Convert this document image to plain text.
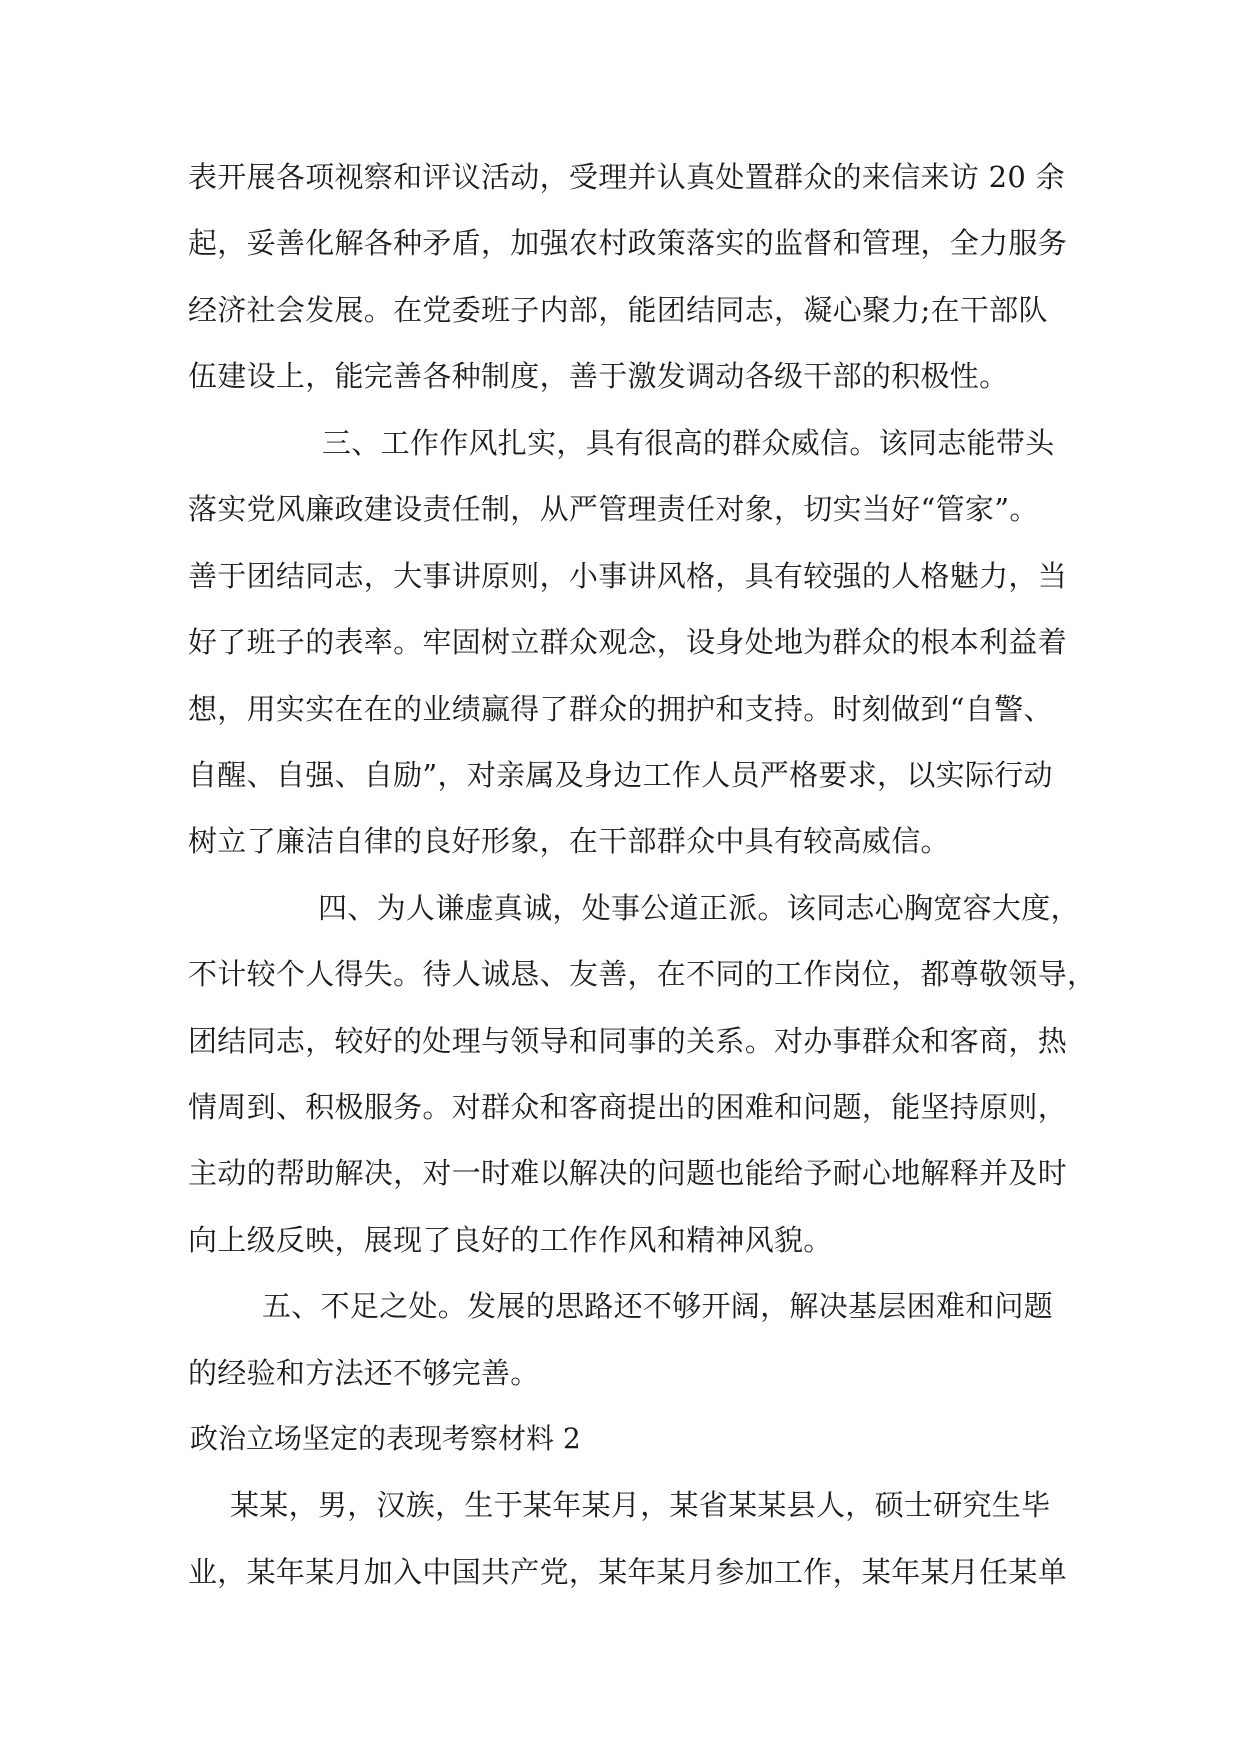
表开展各项视察和评议活动，受理并认真处置群众的来信来访 20 余
起，妥善化解各种矛盾，加强农村政策落实的监督和管理，全力服务
经济社会发展。在党委班子内部，能团结同志，凝心聚力;在干部队
伍建设上，能完善各种制度，善于激发调动各级干部的积极性。
三、工作作风扎实，具有很高的群众威信。该同志能带头
落实党风廉政建设责任制，从严管理责任对象，切实当好“管家”。
善于团结同志，大事讲原则，小事讲风格，具有较强的人格魅力，当
好了班子的表率。牢固树立群众观念，设身处地为群众的根本利益着
想，用实实在在的业绩赢得了群众的拥护和支持。时刻做到“自警、
自醒、自强、自励”，对亲属及身边工作人员严格要求，以实际行动
树立了廉洁自律的良好形象，在干部群众中具有较高威信。
四、为人谦虚真诚，处事公道正派。该同志心胸宽容大度，
不计较个人得失。待人诚恳、友善，在不同的工作岗位，都尊敬领导，
团结同志，较好的处理与领导和同事的关系。对办事群众和客商，热
情周到、积极服务。对群众和客商提出的困难和问题，能坚持原则，
主动的帮助解决，对一时难以解决的问题也能给予耐心地解释并及时
向上级反映，展现了良好的工作作风和精神风貌。
五、不足之处。发展的思路还不够开阔，解决基层困难和问题
的经验和方法还不够完善。
政治立场坚定的表现考察材料 2
某某，男，汉族，生于某年某月，某省某某县人，硕士研究生毕
业，某年某月加入中国共产党，某年某月参加工作，某年某月任某单
